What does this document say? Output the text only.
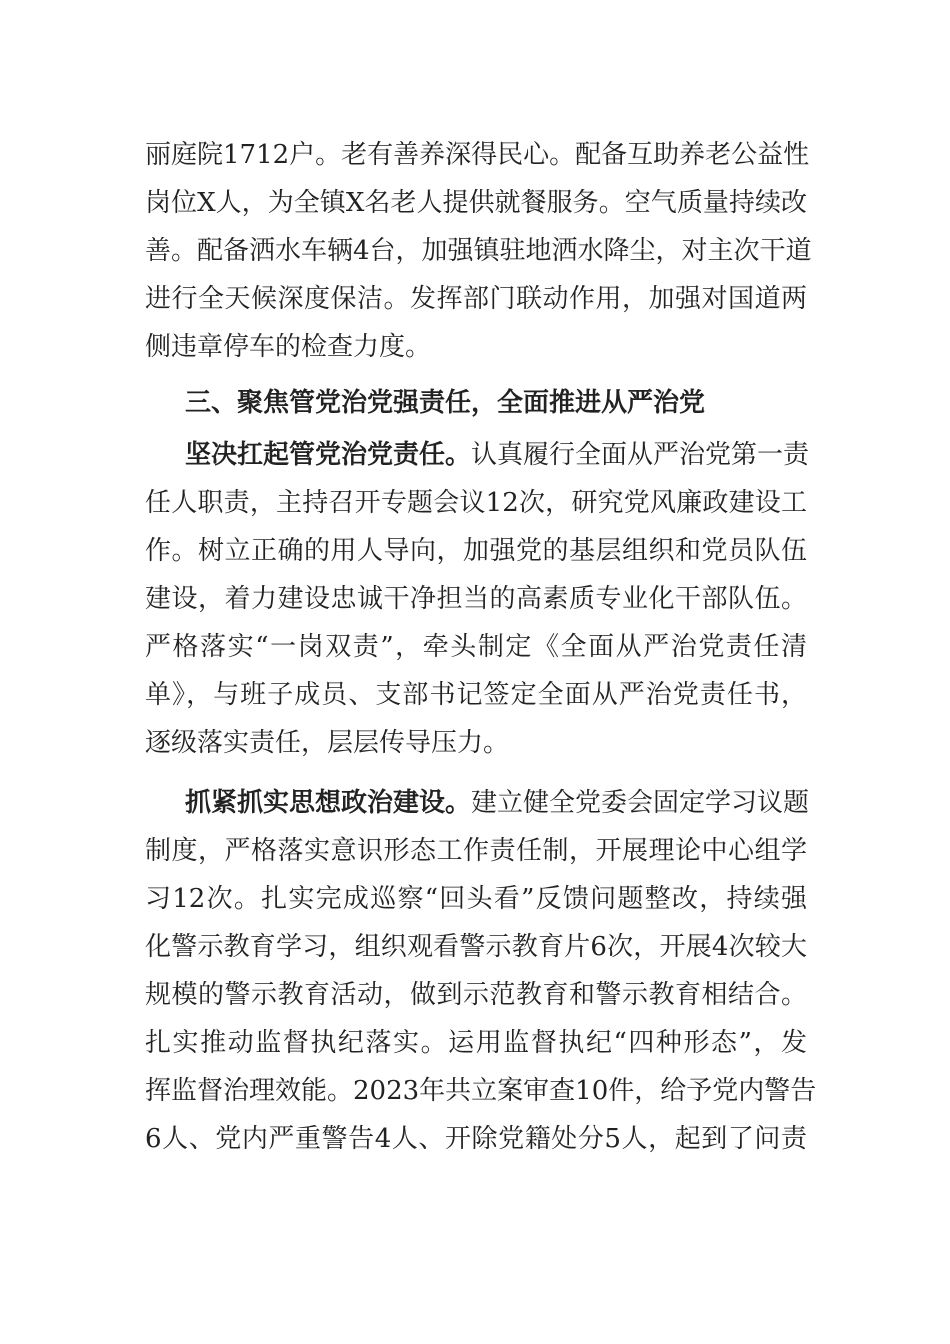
丽庭院1712户。老有善养深得民心。配备互助养老公益性
岗位X人，为全镇X名老人提供就餐服务。空气质量持续改
善。配备洒水车辆4台，加强镇驻地洒水降尘，对主次干道
进行全天候深度保洁。发挥部门联动作用，加强对国道两
侧违章停车的检查力度。
三、聚焦管党治党强责任，全面推进从严治党
坚决扛起管党治党责任。认真履行全面从严治党第一责
任人职责，主持召开专题会议12次，研究党风廉政建设工
作。树立正确的用人导向，加强党的基层组织和党员队伍
建设，着力建设忠诚干净担当的高素质专业化干部队伍。
严格落实“一岗双责”，牵头制定《全面从严治党责任清
单》，与班子成员、支部书记签定全面从严治党责任书，
逐级落实责任，层层传导压力。
抓紧抓实思想政治建设。建立健全党委会固定学习议题
制度，严格落实意识形态工作责任制，开展理论中心组学
习12次。扎实完成巡察“回头看”反馈问题整改，持续强
化警示教育学习，组织观看警示教育片6次，开展4次较大
规模的警示教育活动，做到示范教育和警示教育相结合。
扎实推动监督执纪落实。运用监督执纪“四种形态”，发
挥监督治理效能。2023年共立案审查10件，给予党内警告
6人、党内严重警告4人、开除党籍处分5人，起到了问责
